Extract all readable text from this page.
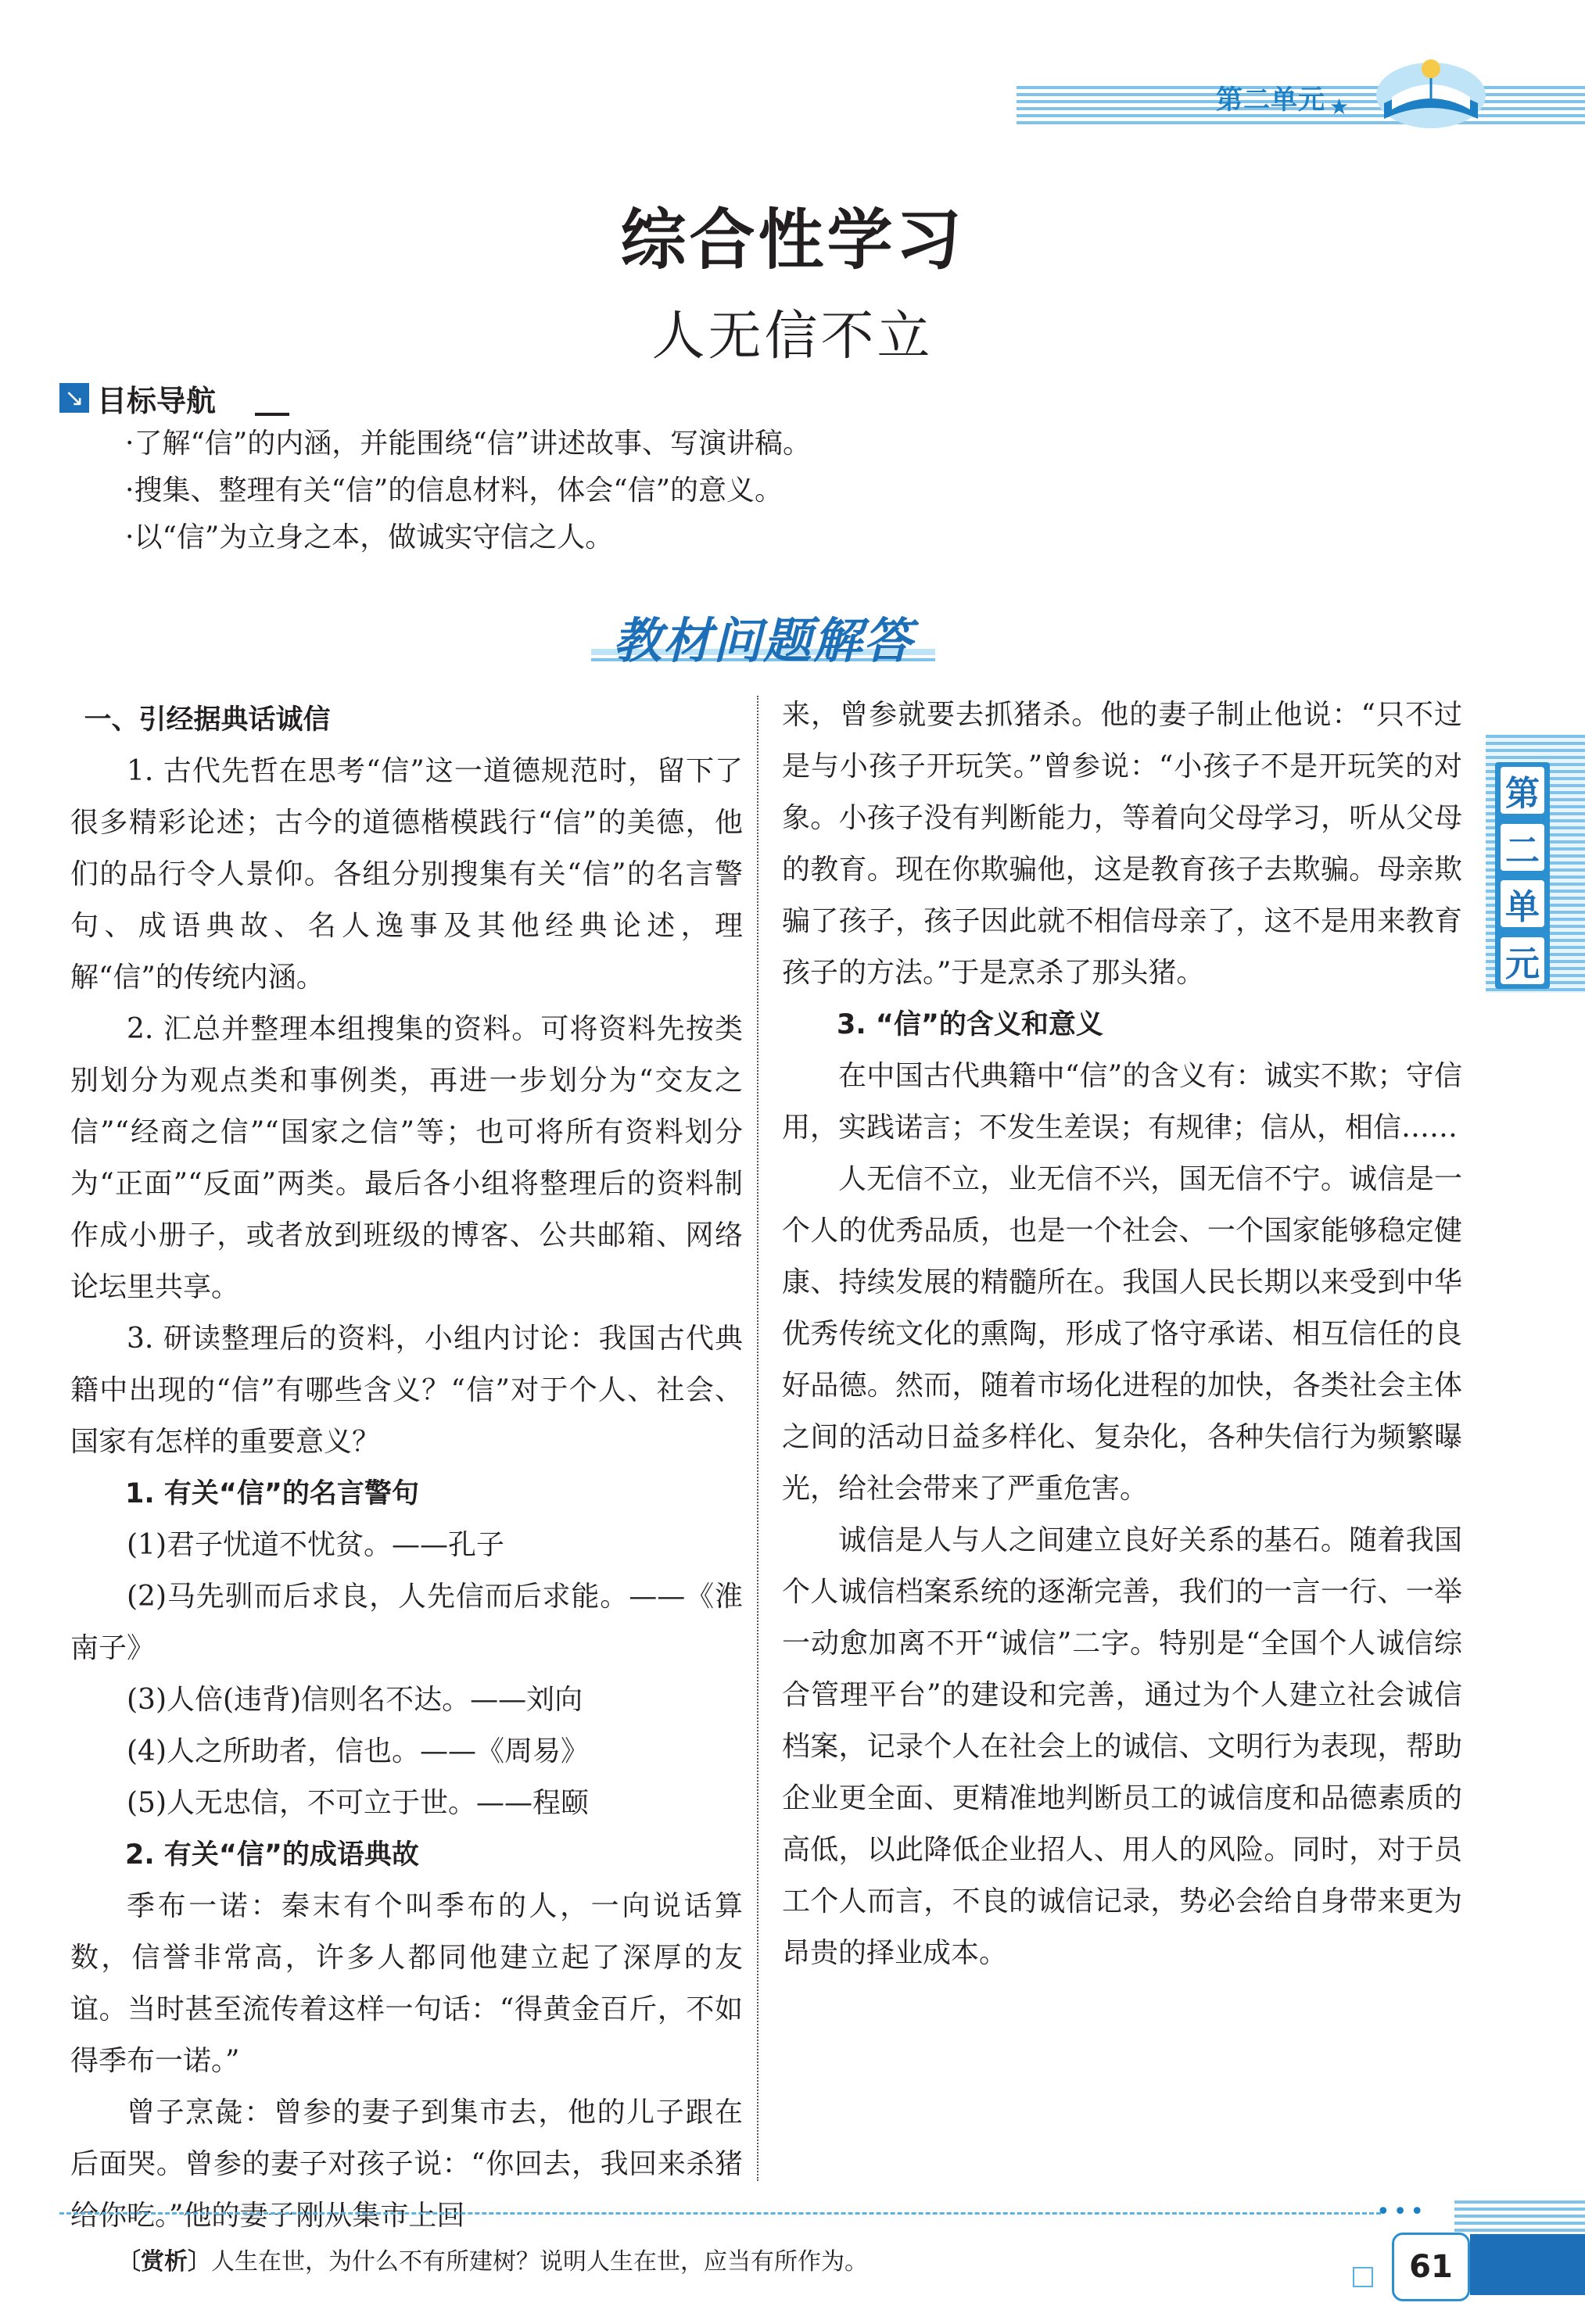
第二单元 ★
综合性学习
人无信不立
↘ 目标导航
·了解“信”的内涵，并能围绕“信”讲述故事、写演讲稿。
·搜集、整理有关“信”的信息材料，体会“信”的意义。
·以“信”为立身之本，做诚实守信之人。
教材问题解答

一、引经据典话诚信

1. 古代先哲在思考“信”这一道德规范时，留下了很多精彩论述；古今的道德楷模践行“信”的美德，他们的品行令人景仰。各组分别搜集有关“信”的名言警句、成语典故、名人逸事及其他经典论述，理解“信”的传统内涵。

2. 汇总并整理本组搜集的资料。可将资料先按类别划分为观点类和事例类，再进一步划分为“交友之信”“经商之信”“国家之信”等；也可将所有资料划分为“正面”“反面”两类。最后各小组将整理后的资料制作成小册子，或者放到班级的博客、公共邮箱、网络论坛里共享。

3. 研读整理后的资料，小组内讨论：我国古代典籍中出现的“信”有哪些含义？“信”对于个人、社会、国家有怎样的重要意义？

1. 有关“信”的名言警句

(1)君子忧道不忧贫。——孔子

(2)马先驯而后求良，人先信而后求能。——《淮南子》

(3)人倍(违背)信则名不达。——刘向

(4)人之所助者，信也。——《周易》

(5)人无忠信，不可立于世。——程颐

2. 有关“信”的成语典故

季布一诺：秦末有个叫季布的人，一向说话算数，信誉非常高，许多人都同他建立起了深厚的友谊。当时甚至流传着这样一句话：“得黄金百斤，不如得季布一诺。”

曾子烹彘：曾参的妻子到集市去，他的儿子跟在后面哭。曾参的妻子对孩子说：“你回去，我回来杀猪给你吃。”他的妻子刚从集市上回

来，曾参就要去抓猪杀。他的妻子制止他说：“只不过是与小孩子开玩笑。”曾参说：“小孩子不是开玩笑的对象。小孩子没有判断能力，等着向父母学习，听从父母的教育。现在你欺骗他，这是教育孩子去欺骗。母亲欺骗了孩子，孩子因此就不相信母亲了，这不是用来教育孩子的方法。”于是烹杀了那头猪。

3. “信”的含义和意义

在中国古代典籍中“信”的含义有：诚实不欺；守信用，实践诺言；不发生差误；有规律；信从，相信……

人无信不立，业无信不兴，国无信不宁。诚信是一个人的优秀品质，也是一个社会、一个国家能够稳定健康、持续发展的精髓所在。我国人民长期以来受到中华优秀传统文化的熏陶，形成了恪守承诺、相互信任的良好品德。然而，随着市场化进程的加快，各类社会主体之间的活动日益多样化、复杂化，各种失信行为频繁曝光，给社会带来了严重危害。

诚信是人与人之间建立良好关系的基石。随着我国个人诚信档案系统的逐渐完善，我们的一言一行、一举一动愈加离不开“诚信”二字。特别是“全国个人诚信综合管理平台”的建设和完善，通过为个人建立社会诚信档案，记录个人在社会上的诚信、文明行为表现，帮助企业更全面、更精准地判断员工的诚信度和品德素质的高低，以此降低企业招人、用人的风险。同时，对于员工个人而言，不良的诚信记录，势必会给自身带来更为昂贵的择业成本。

第
二
单
元
•••
〔赏析〕人生在世，为什么不有所建树？说明人生在世，应当有所作为。	61
